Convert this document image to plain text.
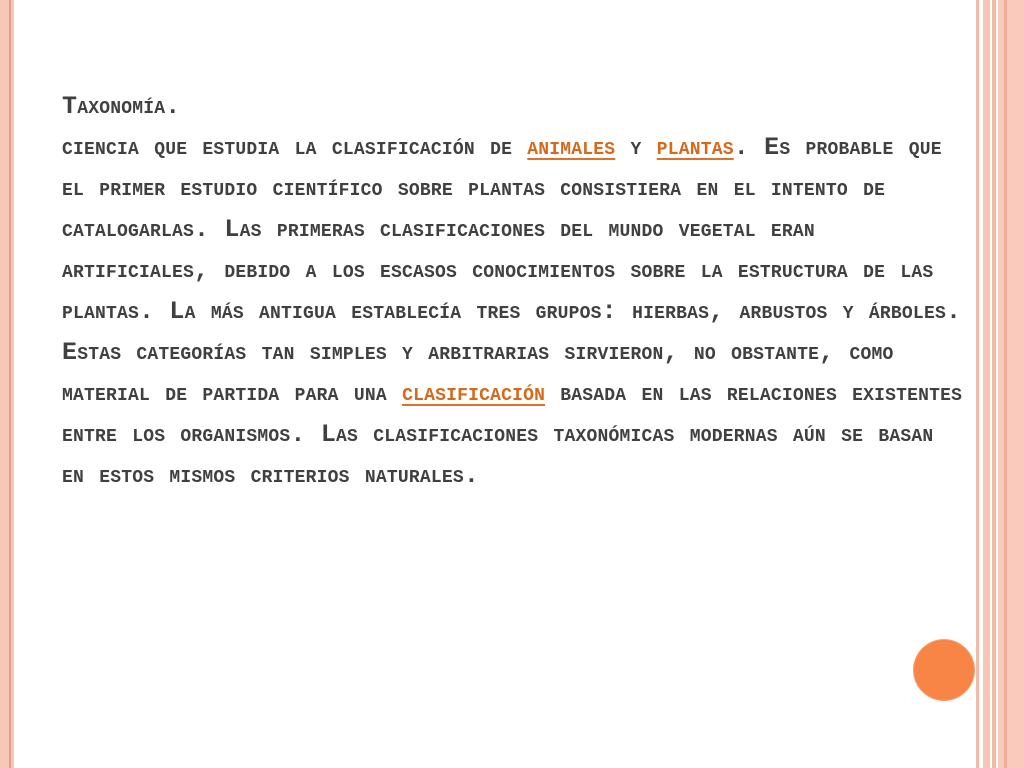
Taxonomía.

ciencia que estudia la clasificación de animales y plantas. Es probable que el primer estudio científico sobre plantas consistiera en el intento de catalogarlas. Las primeras clasificaciones del mundo vegetal eran artificiales, debido a los escasos conocimientos sobre la estructura de las plantas. La más antigua establecía tres grupos: hierbas, arbustos y árboles. Estas categorías tan simples y arbitrarias sirvieron, no obstante, como material de partida para una clasificación basada en las relaciones existentes entre los organismos. Las clasificaciones taxonómicas modernas aún se basan en estos mismos criterios naturales.
